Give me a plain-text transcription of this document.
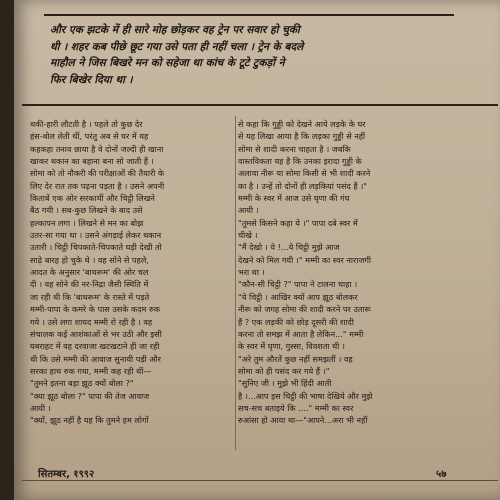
और एक झटके में ही सारे मोह छोड़कर वह ट्रेन पर सवार हो चुकी
थी । शहर कब पीछे छूट गया उसे पता ही नहीं चला । ट्रेन के बदले
माहौल ने जिस बिखरे मन को सहेजा था कांच के टूटे टुकड़ों ने
फिर बिखेर दिया था ।

थकी-हारी लौटती है । पहले तो कुछ देर

हंस-बोल लेती थीं, परंतु अब से घर में यह

कहकहा तनाव छाया है वे दोनों जल्दी ही खाना

खाकर थकान का बहाना बना सो जाती हैं ।

सोमा को तो नौकरी की परीक्षाओं की तैयारी के

लिए देर रात तक पढ़ना पड़ता है । उसने अपनी

किताबें एक ओर सरकायीं और चिट्ठी लिखने

बैठ गयी । सब-कुछ लिखने के बाद उसे

हल्कापन लगा । लिखने से मन का बोझ

उतर-सा गया था । उसने अंगड़ाई लेकर थकान

उतारी । चिट्ठी चिपकाते-चिपकाते घड़ी देखी तो

साढ़े बारह हो चुके थे । वह सोने से पहले,

आदत के अनुसार 'बाथरूम' की ओर चल

दी । वह सोने की नर-निद्रा जैसी स्थिति में

जा रही थी कि 'बाथरूम' के रास्ते में पड़ते

मम्मी-पापा के कमरे के पास उसके कदम रुक

गये । उसे लगा शायद मम्मी रो रही है । वह

संचालक कई आशंकाओं से भर उठी और इसी

घबराहट में वह दरवाजा खटखटाने ही जा रही

थी कि उसे मम्मी की आवाज सुनायी पड़ी और

सरका हाथ रुक गया, मम्मी कह रही थीं—

"तुमने इतना बड़ा झूठ क्यों बोला ?"

"क्या झूठ बोला ?" पापा की तेज आवाज

आयी ।

"क्यों, झूठ नहीं है यह कि तुमने हम लोगों

से कहा कि गुड्डी को देखने आये लड़के के घर

से यह लिखा आया है कि लड़का गुड्डी से नहीं

सोमा से शादी करना चाहता है । जबकि

वास्तविकता यह है कि उनका इरादा गुड्डी के

अलावा नीरू या सोमा किसी से भी शादी करने

का है । उन्हें तो दोनों ही लड़कियां पसंद हैं ।"

मम्मी के स्वर में आज उसे घृणा की गंध

आयी ।

"तुमसे किसने कहा ये ।" पापा दबे स्वर में

चीखे ।

"मैं देखो । ये !...ये चिट्ठी मुझे आज

देखने को मिल गयी ।" मम्मी का स्वर नाराजगी

भरा था ।

"कौन-सी चिट्ठी ?" पापा ने टालना चाहा ।

"ये चिट्ठी । आखिर क्यों आप झूठ बोलकर

नीरू को जगह सोमा की शादी करने पर उतारू

हैं ? एक लड़की को छोड़ दूसरी की शादी

करना तो समझ में आता है लेकिन..." मम्मी

के स्वर में घृणा, गुस्सा, विवशता थी ।

"अरे तुम औरतें कुछ नहीं समझतीं । वह

सोमा को ही पसंद कर गये हैं ।"

"सुनिए जी । मुझे भी हिंदी आती

है ।...आप इस चिट्ठी की भाषा देखिये और मुझे

सच-सच बताइये कि ...." मम्मी का स्वर

रुआंसा हो आया था—"आपने...अरा भी नहीं

सितम्बर, १९९२	५७
